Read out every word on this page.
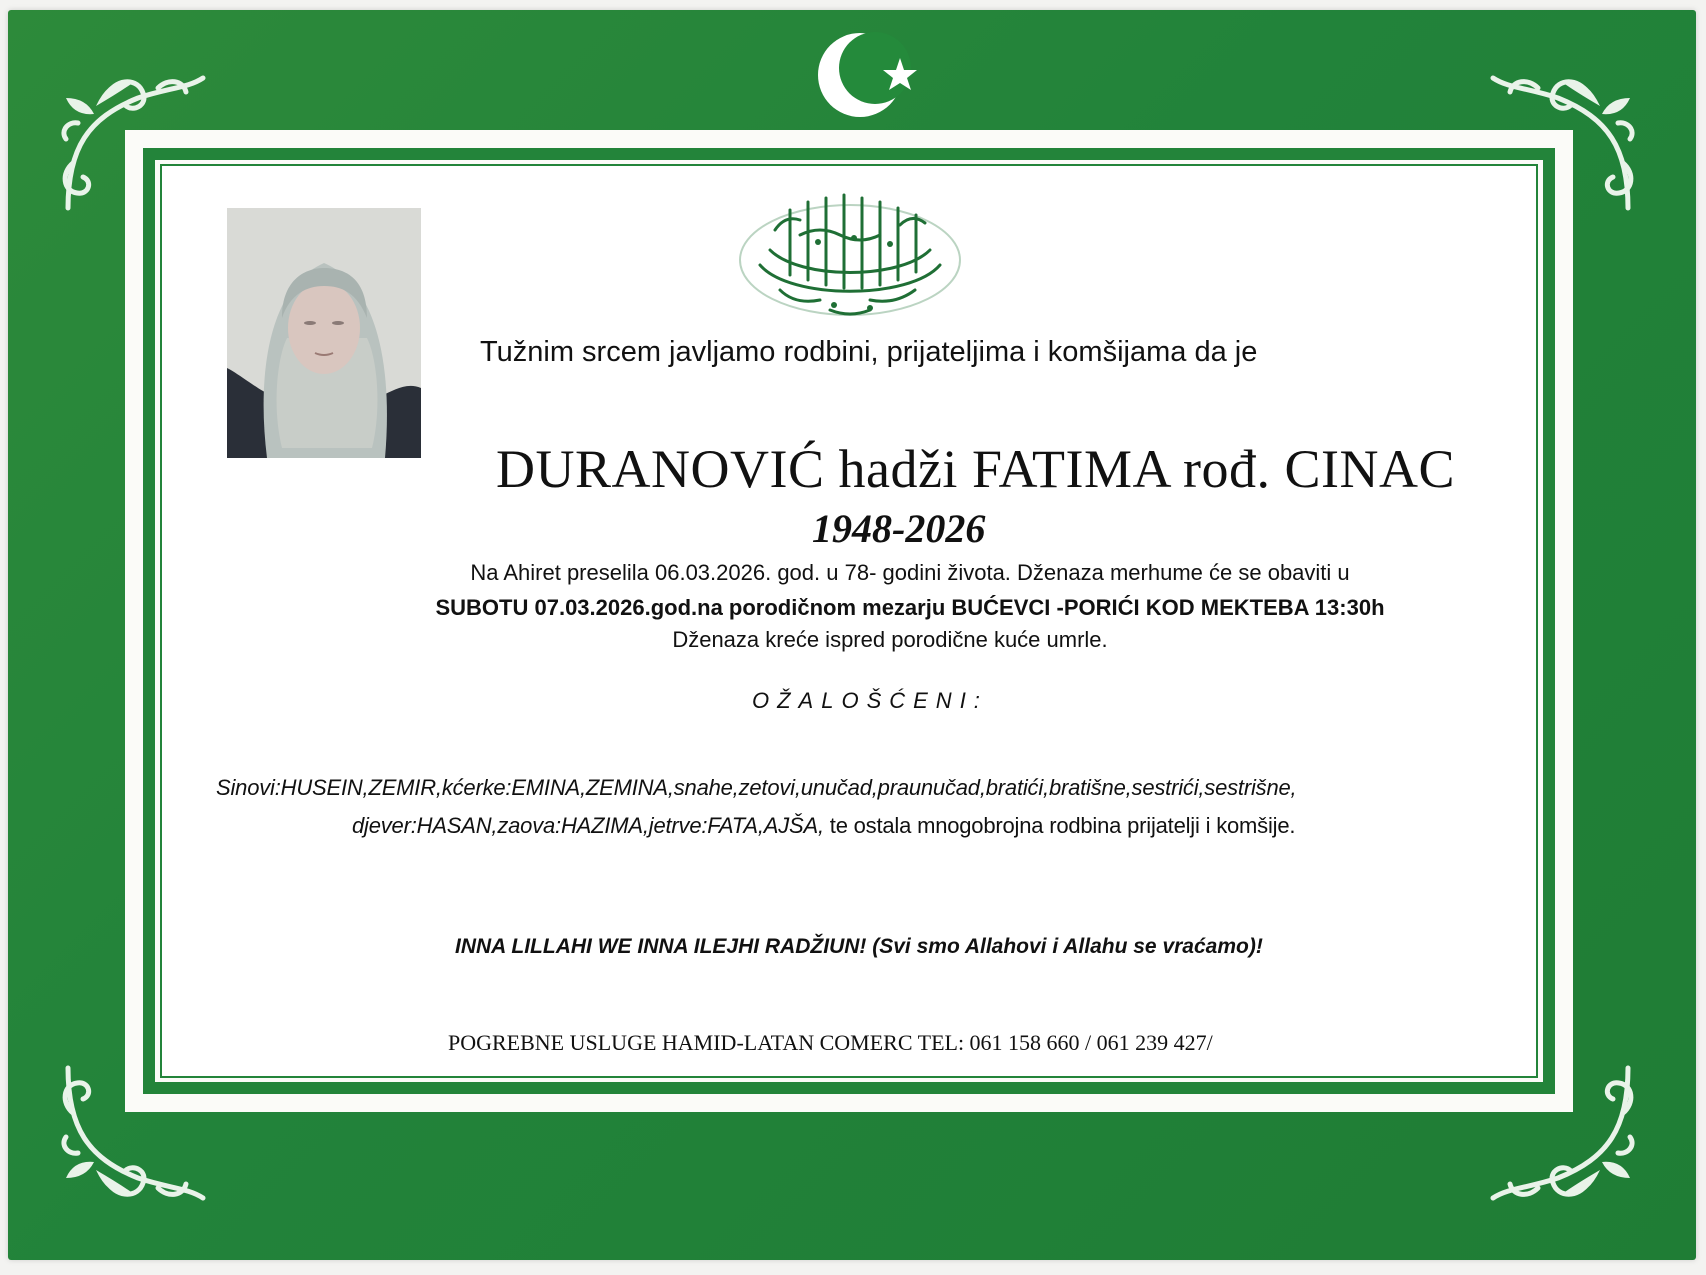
Tužnim srcem javljamo rodbini, prijateljima i komšijama da je
DURANOVIĆ hadži FATIMA rođ. CINAC
1948-2026
Na Ahiret preselila 06.03.2026. god. u 78- godini života. Dženaza merhume će se obaviti u
SUBOTU 07.03.2026.god.na porodičnom mezarju BUĆEVCI -PORIĆI KOD MEKTEBA 13:30h
Dženaza kreće ispred porodične kuće umrle.
OŽALOŠĆENI:
Sinovi:HUSEIN,ZEMIR,kćerke:EMINA,ZEMINA,snahe,zetovi,unučad,praunučad,bratići,bratišne,sestrići,sestrišne,
djever:HASAN,zaova:HAZIMA,jetrve:FATA,AJŠA, te ostala mnogobrojna rodbina prijatelji i komšije.
INNA LILLAHI WE INNA ILEJHI RADŽIUN! (Svi smo Allahovi i Allahu se vraćamo)!
POGREBNE USLUGE HAMID-LATAN COMERC TEL: 061 158 660 / 061 239 427/
